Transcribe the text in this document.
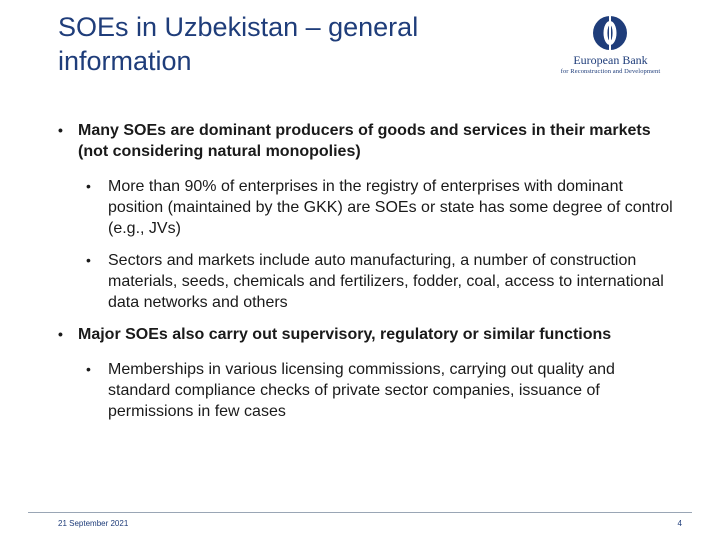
SOEs in Uzbekistan – general information	European Bank
for Reconstruction and Development
• Many SOEs are dominant producers of goods and services in their markets (not considering natural monopolies)
• More than 90% of enterprises in the registry of enterprises with dominant position (maintained by the GKK) are SOEs or state has some degree of control (e.g., JVs)
• Sectors and markets include auto manufacturing, a number of construction materials, seeds, chemicals and fertilizers, fodder, coal, access to international data networks and others
• Major SOEs also carry out supervisory, regulatory or similar functions
• Memberships in various licensing commissions, carrying out quality and standard compliance checks of private sector companies, issuance of permissions in few cases
21 September 2021	4
